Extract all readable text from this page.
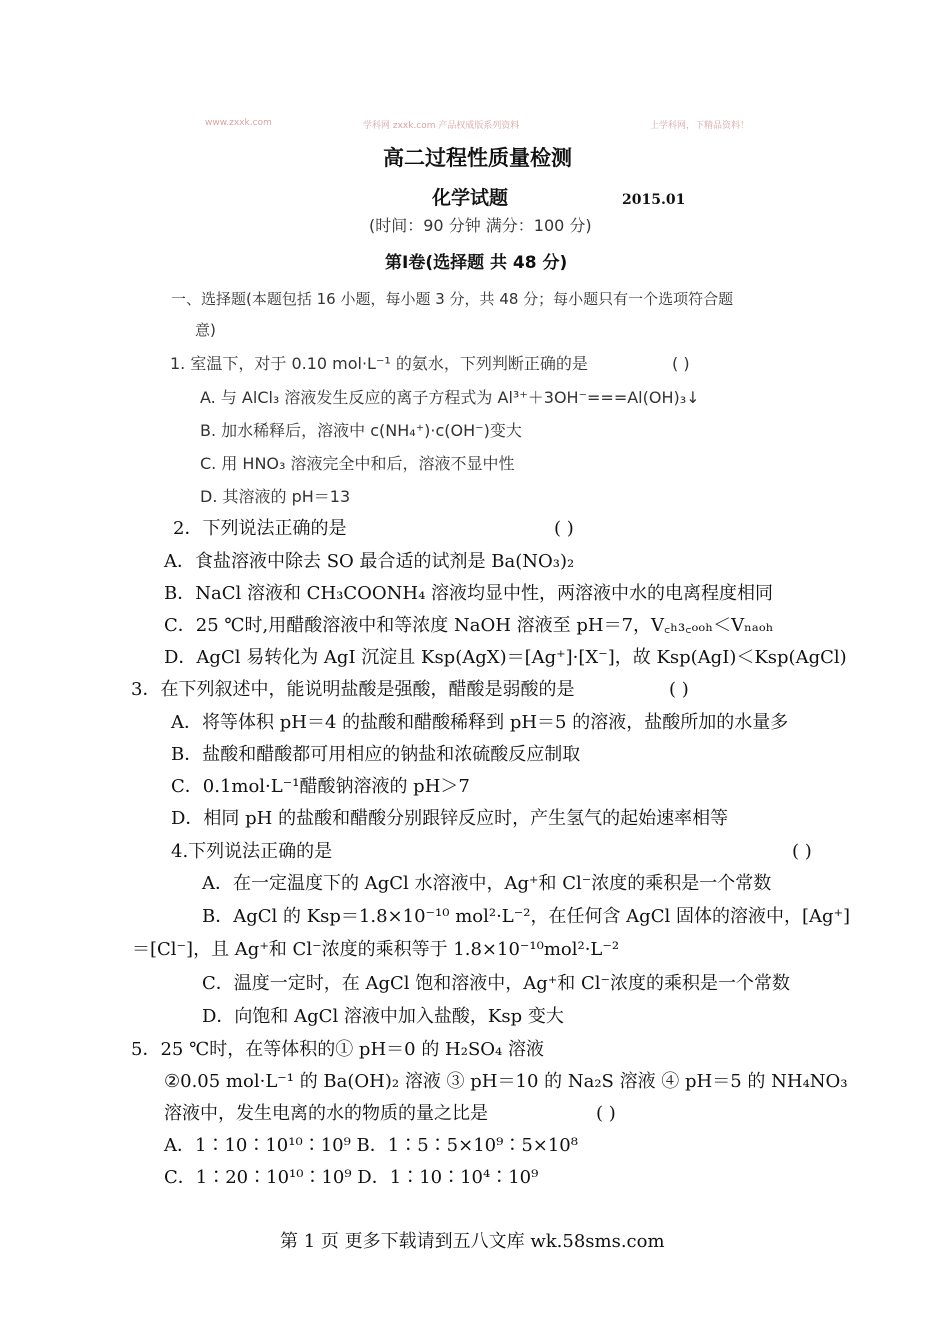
www.zxxk.com	学科网 zxxk.com 产品权威版系列资料	上学科网，下精品资料！
高二过程性质量检测
化学试题	2015.01
(时间：90 分钟 满分：100 分)
第Ⅰ卷(选择题 共 48 分)
一、选择题(本题包括 16 小题，每小题 3 分，共 48 分；每小题只有一个选项符合题
意)
1. 室温下，对于 0.10 mol·L⁻¹ 的氨水，下列判断正确的是	( )
A. 与 AlCl₃ 溶液发生反应的离子方程式为 Al³⁺＋3OH⁻===Al(OH)₃↓
B. 加水稀释后，溶液中 c(NH₄⁺)·c(OH⁻)变大
C. 用 HNO₃ 溶液完全中和后，溶液不显中性
D. 其溶液的 pH＝13
2．下列说法正确的是	( )
A．食盐溶液中除去 SO 最合适的试剂是 Ba(NO₃)₂
B．NaCl 溶液和 CH₃COONH₄ 溶液均显中性，两溶液中水的电离程度相同
C．25 ℃时,用醋酸溶液中和等浓度 NaOH 溶液至 pH＝7，V꜀ₕ₃꜀ₒₒₕ＜Vₙₐₒₕ
D．AgCl 易转化为 AgI 沉淀且 Ksp(AgX)＝[Ag⁺]·[X⁻]，故 Ksp(AgI)＜Ksp(AgCl)
3．在下列叙述中，能说明盐酸是强酸，醋酸是弱酸的是	( )
A．将等体积 pH＝4 的盐酸和醋酸稀释到 pH＝5 的溶液，盐酸所加的水量多
B．盐酸和醋酸都可用相应的钠盐和浓硫酸反应制取
C．0.1mol·L⁻¹醋酸钠溶液的 pH＞7
D．相同 pH 的盐酸和醋酸分别跟锌反应时，产生氢气的起始速率相等
4.下列说法正确的是	( )
A．在一定温度下的 AgCl 水溶液中，Ag⁺和 Cl⁻浓度的乘积是一个常数
B．AgCl 的 Ksp＝1.8×10⁻¹⁰ mol²·L⁻²，在任何含 AgCl 固体的溶液中，[Ag⁺]
＝[Cl⁻]，且 Ag⁺和 Cl⁻浓度的乘积等于 1.8×10⁻¹⁰mol²·L⁻²
C．温度一定时，在 AgCl 饱和溶液中，Ag⁺和 Cl⁻浓度的乘积是一个常数
D．向饱和 AgCl 溶液中加入盐酸，Ksp 变大
5．25 ℃时，在等体积的① pH＝0 的 H₂SO₄ 溶液
②0.05 mol·L⁻¹ 的 Ba(OH)₂ 溶液 ③ pH＝10 的 Na₂S 溶液 ④ pH＝5 的 NH₄NO₃
溶液中，发生电离的水的物质的量之比是	( )
A．1∶10∶10¹⁰∶10⁹ B．1∶5∶5×10⁹∶5×10⁸
C．1∶20∶10¹⁰∶10⁹ D．1∶10∶10⁴∶10⁹
第 1 页 更多下载请到五八文库 wk.58sms.com
